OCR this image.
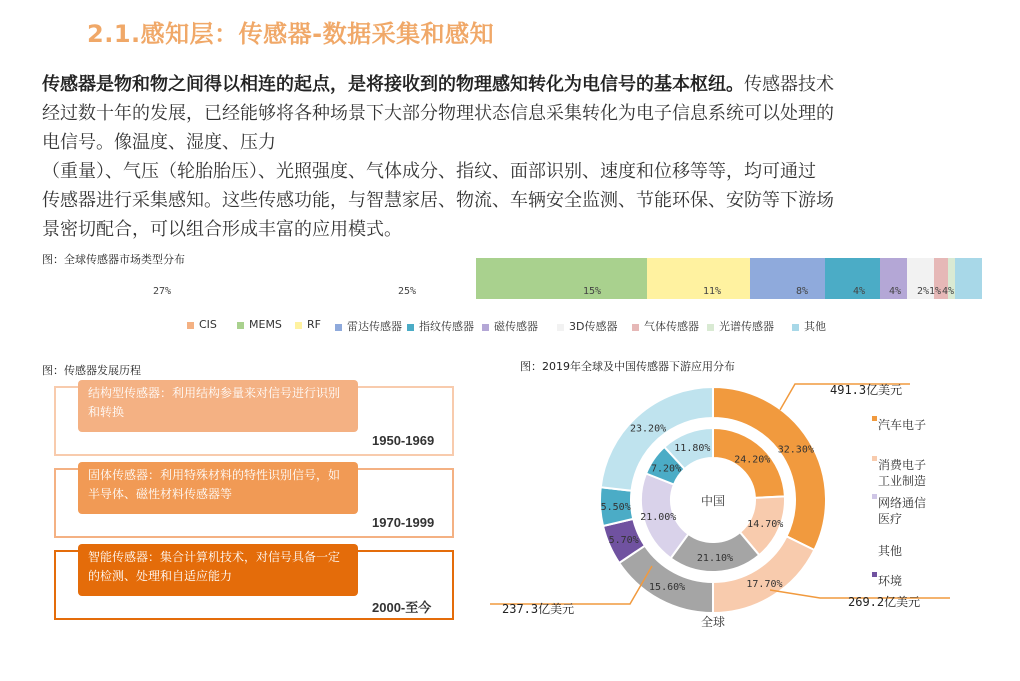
2.1.感知层：传感器-数据采集和感知
传感器是物和物之间得以相连的起点，是将接收到的物理感知转化为电信号的基本枢纽。传感器技术
经过数十年的发展，已经能够将各种场景下大部分物理状态信息采集转化为电子信息系统可以处理的
电信号。像温度、湿度、压力
（重量）、气压（轮胎胎压）、光照强度、气体成分、指纹、面部识别、速度和位移等等，均可通过
传感器进行采集感知。这些传感功能，与智慧家居、物流、车辆安全监测、节能环保、安防等下游场
景密切配合，可以组合形成丰富的应用模式。
图：全球传感器市场类型分布
27%	25%	15%	11%	8%	4% 4% 2% 1% 4%
CIS	MEMS	RF	雷达传感器	指纹传感器	磁传感器	3D传感器	气体传感器	光谱传感器	其他
图：传感器发展历程
结构型传感器：利用结构参量来对信号进行识别和转换
1950-1969
固体传感器：利用特殊材料的特性识别信号，如半导体、磁性材料传感器等
1970-1999
智能传感器：集合计算机技术，对信号具备一定的检测、处理和自适应能力
2000-至今
图：2019年全球及中国传感器下游应用分布
32.30%
17.70%
15.60%
5.70%
5.50%
23.20%
24.20%
14.70%
21.10%
21.00%
7.20%
11.80%
中国
全球
491.3亿美元
269.2亿美元
237.3亿美元
汽车电子
消费电子
工业制造
网络通信
医疗
其他
环境
